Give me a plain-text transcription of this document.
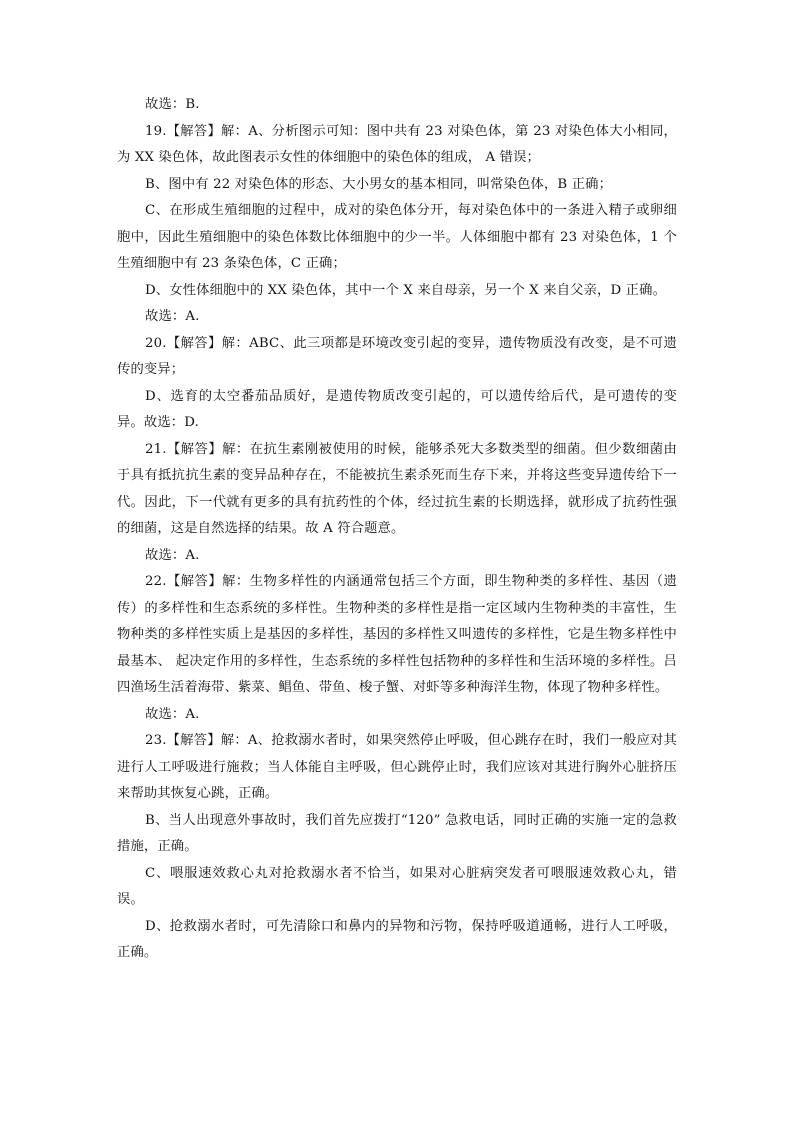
故选：B.

19.【解答】解：A、分析图示可知：图中共有 23 对染色体，第 23 对染色体大小相同，为 XX 染色体，故此图表示女性的体细胞中的染色体的组成， A 错误；

B、图中有 22 对染色体的形态、大小男女的基本相同，叫常染色体，B 正确；

C、在形成生殖细胞的过程中，成对的染色体分开，每对染色体中的一条进入精子或卵细胞中，因此生殖细胞中的染色体数比体细胞中的少一半。人体细胞中都有 23 对染色体，1 个生殖细胞中有 23 条染色体，C 正确；

D、女性体细胞中的 XX 染色体，其中一个 X 来自母亲，另一个 X 来自父亲，D 正确。

故选：A.

20.【解答】解：ABC、此三项都是环境改变引起的变异，遗传物质没有改变，是不可遗传的变异；

D、选育的太空番茄品质好，是遗传物质改变引起的，可以遗传给后代，是可遗传的变异。故选：D.

21.【解答】解：在抗生素刚被使用的时候，能够杀死大多数类型的细菌。但少数细菌由于具有抵抗抗生素的变异品种存在，不能被抗生素杀死而生存下来，并将这些变异遗传给下一代。因此，下一代就有更多的具有抗药性的个体，经过抗生素的长期选择，就形成了抗药性强的细菌，这是自然选择的结果。故 A 符合题意。

故选：A.

22.【解答】解：生物多样性的内涵通常包括三个方面，即生物种类的多样性、基因（遗传）的多样性和生态系统的多样性。生物种类的多样性是指一定区域内生物种类的丰富性，生物种类的多样性实质上是基因的多样性，基因的多样性又叫遗传的多样性，它是生物多样性中最基本、 起决定作用的多样性，生态系统的多样性包括物种的多样性和生活环境的多样性。吕四渔场生活着海带、紫菜、鲳鱼、带鱼、梭子蟹、对虾等多种海洋生物，体现了物种多样性。

故选：A.

23.【解答】解：A、抢救溺水者时，如果突然停止呼吸，但心跳存在时，我们一般应对其进行人工呼吸进行施救；当人体能自主呼吸，但心跳停止时，我们应该对其进行胸外心脏挤压来帮助其恢复心跳，正确。

B、当人出现意外事故时，我们首先应拨打“120” 急救电话，同时正确的实施一定的急救措施，正确。

C、喂服速效救心丸对抢救溺水者不恰当，如果对心脏病突发者可喂服速效救心丸，错误。

D、抢救溺水者时，可先清除口和鼻内的异物和污物，保持呼吸道通畅，进行人工呼吸，正确。
